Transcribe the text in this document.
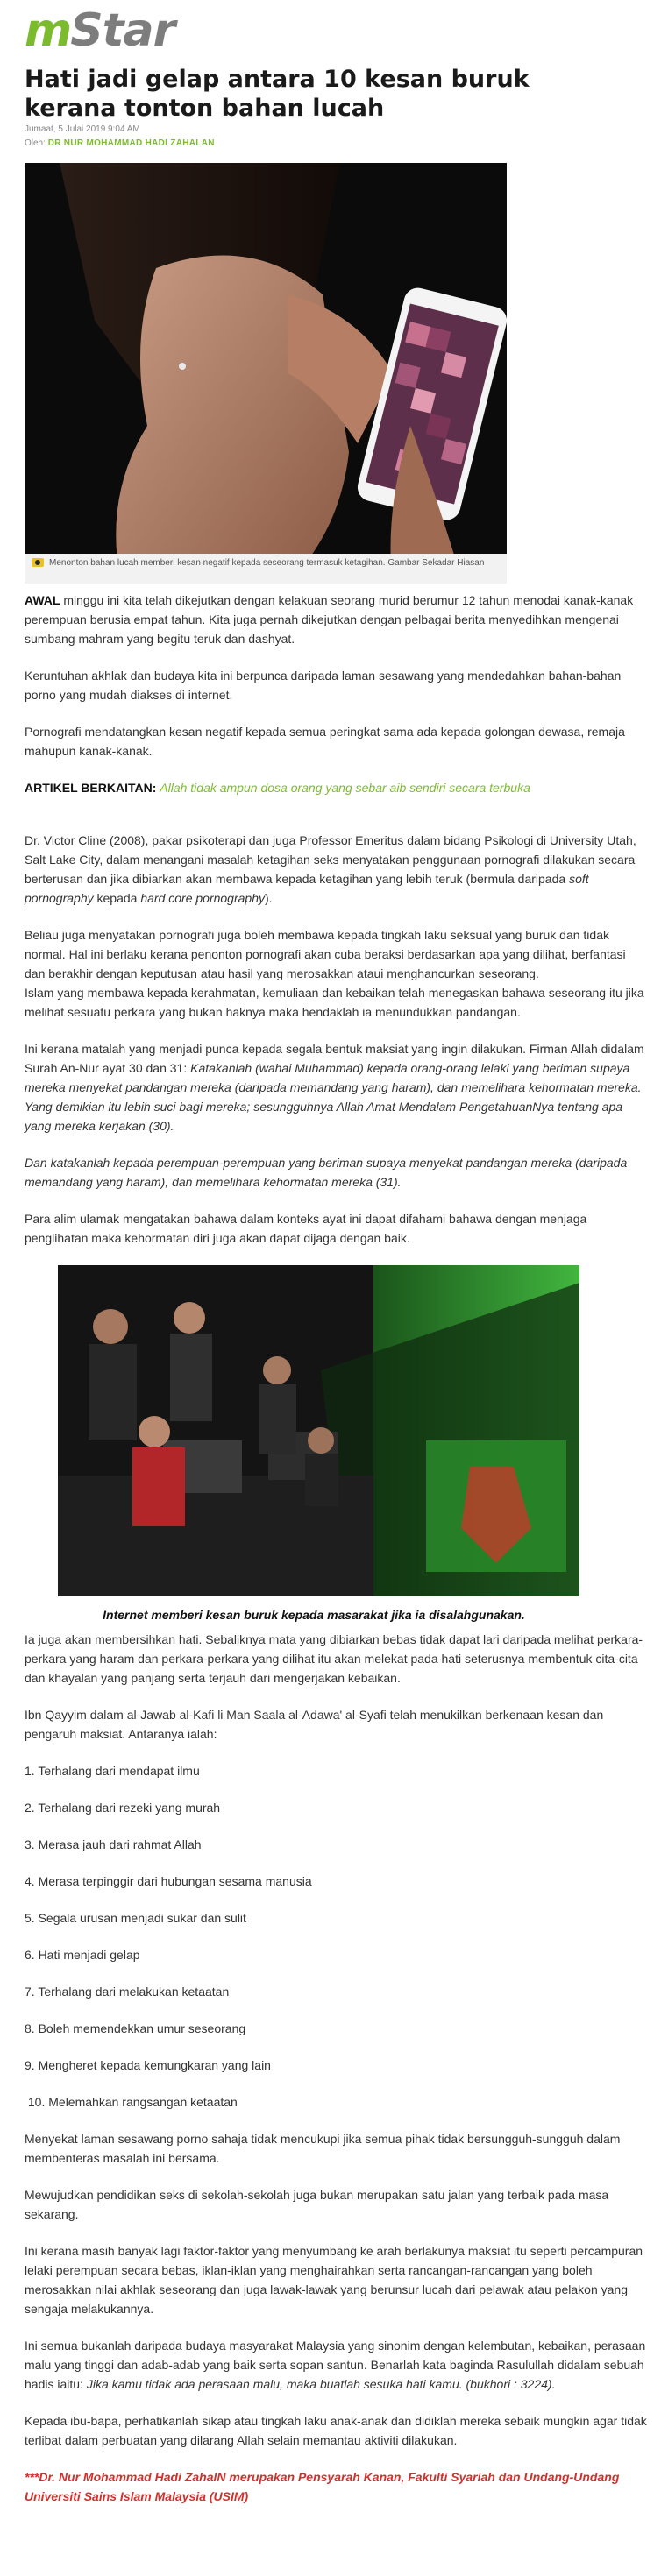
m Star
Hati jadi gelap antara 10 kesan buruk kerana tonton bahan lucah
Jumaat, 5 Julai 2019 9:04 AM
Oleh: DR NUR MOHAMMAD HADI ZAHALAN
Menonton bahan lucah memberi kesan negatif kepada seseorang termasuk ketagihan. Gambar Sekadar Hiasan

AWAL minggu ini kita telah dikejutkan dengan kelakuan seorang murid berumur 12 tahun menodai kanak-kanak perempuan berusia empat tahun. Kita juga pernah dikejutkan dengan pelbagai berita menyedihkan mengenai sumbang mahram yang begitu teruk dan dashyat.

Keruntuhan akhlak dan budaya kita ini berpunca daripada laman sesawang yang mendedahkan bahan-bahan porno yang mudah diakses di internet.

Pornografi mendatangkan kesan negatif kepada semua peringkat sama ada kepada golongan dewasa, remaja mahupun kanak-kanak.

ARTIKEL BERKAITAN: Allah tidak ampun dosa orang yang sebar aib sendiri secara terbuka

Dr. Victor Cline (2008), pakar psikoterapi dan juga Professor Emeritus dalam bidang Psikologi di University Utah, Salt Lake City, dalam menangani masalah ketagihan seks menyatakan penggunaan pornografi dilakukan secara berterusan dan jika dibiarkan akan membawa kepada ketagihan yang lebih teruk (bermula daripada soft pornography kepada hard core pornography).

Beliau juga menyatakan pornografi juga boleh membawa kepada tingkah laku seksual yang buruk dan tidak normal. Hal ini berlaku kerana penonton pornografi akan cuba beraksi berdasarkan apa yang dilihat, berfantasi dan berakhir dengan keputusan atau hasil yang merosakkan ataui menghancurkan seseorang.

Islam yang membawa kepada kerahmatan, kemuliaan dan kebaikan telah menegaskan bahawa seseorang itu jika melihat sesuatu perkara yang bukan haknya maka hendaklah ia menundukkan pandangan.

Ini kerana matalah yang menjadi punca kepada segala bentuk maksiat yang ingin dilakukan. Firman Allah didalam Surah An-Nur ayat 30 dan 31: Katakanlah (wahai Muhammad) kepada orang-orang lelaki yang beriman supaya mereka menyekat pandangan mereka (daripada memandang yang haram), dan memelihara kehormatan mereka. Yang demikian itu lebih suci bagi mereka; sesungguhnya Allah Amat Mendalam PengetahuanNya tentang apa yang mereka kerjakan (30).

Dan katakanlah kepada perempuan-perempuan yang beriman supaya menyekat pandangan mereka (daripada memandang yang haram), dan memelihara kehormatan mereka (31).

Para alim ulamak mengatakan bahawa dalam konteks ayat ini dapat difahami bahawa dengan menjaga penglihatan maka kehormatan diri juga akan dapat dijaga dengan baik.

Internet memberi kesan buruk kepada masarakat jika ia disalahgunakan.

Ia juga akan membersihkan hati. Sebaliknya mata yang dibiarkan bebas tidak dapat lari daripada melihat perkara-perkara yang haram dan perkara-perkara yang dilihat itu akan melekat pada hati seterusnya membentuk cita-cita dan khayalan yang panjang serta terjauh dari mengerjakan kebaikan.

Ibn Qayyim dalam al-Jawab al-Kafi li Man Saala al-Adawa' al-Syafi telah menukilkan berkenaan kesan dan pengaruh maksiat. Antaranya ialah:

1. Terhalang dari mendapat ilmu
2. Terhalang dari rezeki yang murah
3. Merasa jauh dari rahmat Allah
4. Merasa terpinggir dari hubungan sesama manusia
5. Segala urusan menjadi sukar dan sulit
6. Hati menjadi gelap
7. Terhalang dari melakukan ketaatan
8. Boleh memendekkan umur seseorang
9. Mengheret kepada kemungkaran yang lain
10. Melemahkan rangsangan ketaatan

Menyekat laman sesawang porno sahaja tidak mencukupi jika semua pihak tidak bersungguh-sungguh dalam membenteras masalah ini bersama.

Mewujudkan pendidikan seks di sekolah-sekolah juga bukan merupakan satu jalan yang terbaik pada masa sekarang.

Ini kerana masih banyak lagi faktor-faktor yang menyumbang ke arah berlakunya maksiat itu seperti percampuran lelaki perempuan secara bebas, iklan-iklan yang menghairahkan serta rancangan-rancangan yang boleh merosakkan nilai akhlak seseorang dan juga lawak-lawak yang berunsur lucah dari pelawak atau pelakon yang sengaja melakukannya.

Ini semua bukanlah daripada budaya masyarakat Malaysia yang sinonim dengan kelembutan, kebaikan, perasaan malu yang tinggi dan adab-adab yang baik serta sopan santun. Benarlah kata baginda Rasulullah didalam sebuah hadis iaitu: Jika kamu tidak ada perasaan malu, maka buatlah sesuka hati kamu. (bukhori : 3224).

Kepada ibu-bapa, perhatikanlah sikap atau tingkah laku anak-anak dan didiklah mereka sebaik mungkin agar tidak terlibat dalam perbuatan yang dilarang Allah selain memantau aktiviti dilakukan.

***Dr. Nur Mohammad Hadi ZahalN merupakan Pensyarah Kanan, Fakulti Syariah dan Undang-Undang Universiti Sains Islam Malaysia (USIM)
